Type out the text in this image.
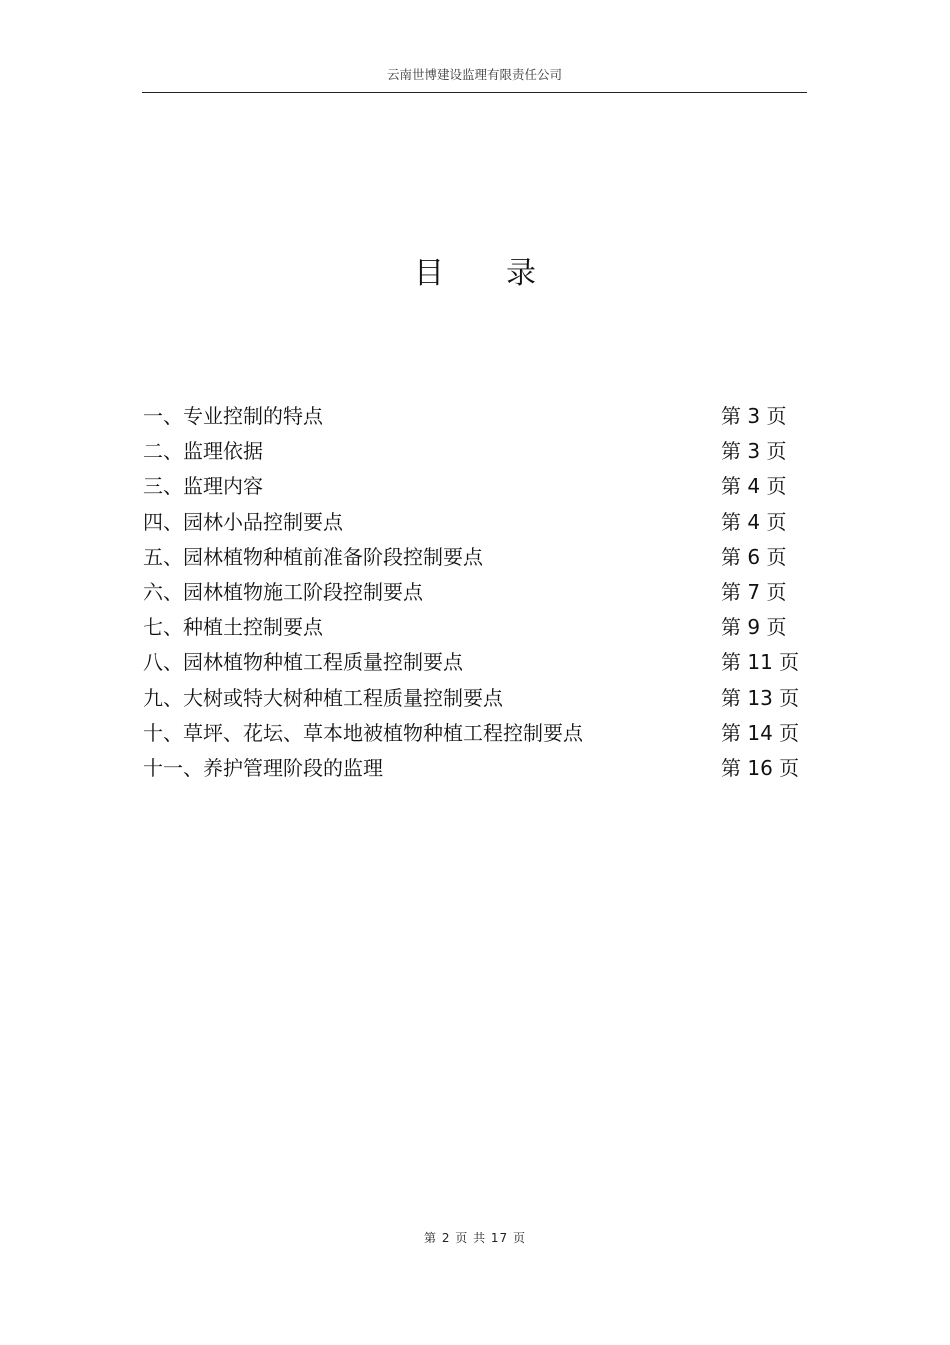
云南世博建设监理有限责任公司
目 录
一、专业控制的特点	第 3 页
二、监理依据	第 3 页
三、监理内容	第 4 页
四、园林小品控制要点	第 4 页
五、园林植物种植前准备阶段控制要点	第 6 页
六、园林植物施工阶段控制要点	第 7 页
七、种植土控制要点	第 9 页
八、园林植物种植工程质量控制要点	第 11 页
九、大树或特大树种植工程质量控制要点	第 13 页
十、草坪、花坛、草本地被植物种植工程控制要点	第 14 页
十一、养护管理阶段的监理	第 16 页
第 2 页 共 17 页
